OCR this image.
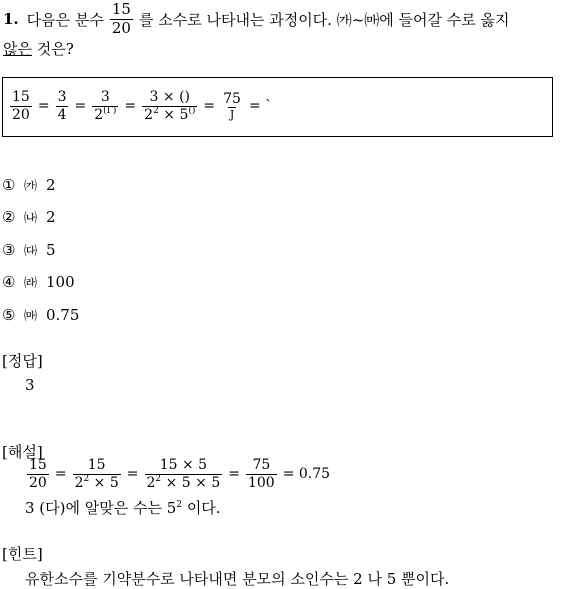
1. 다음은 분수 $\frac{15}{20}$ 를 소수로 나타내는 과정이다. ㈎~㈒에 들어갈 수로 옳지
않은 것은?
$\frac{15}{20} = \frac{3}{4} = \frac{3}{2^{(\Gamma)}} = \frac{3 \times ()}{2^2 \times 5^{()}} = \frac{75}{J}$ = `
① ㈎ 2
② ㈏ 2
③ ㈐ 5
④ ㈑ 100
⑤ ㈒ 0.75
[정답]
3
[해설]
$\frac{15}{20} = \frac{15}{2^2 \times 5} = \frac{15 \times 5}{2^2 \times 5 \times 5} = \frac{75}{100} = 0.75$
3 (다)에 알맞은 수는 $5^2$ 이다.
[힌트]
유한소수를 기약분수로 나타내면 분모의 소인수는 2 나 5 뿐이다.
